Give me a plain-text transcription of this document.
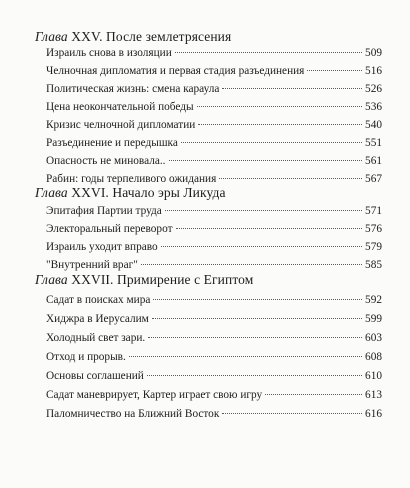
Глава XXV. После землетрясения
Израиль снова в изоляции	509
Челночная дипломатия и первая стадия разъединения	516
Политическая жизнь: смена караула	526
Цена неокончательной победы	536
Кризис челночной дипломатии	540
Разъединение и передышка	551
Опасность не миновала..	561
Рабин: годы терпеливого ожидания	567
Глава XXVI. Начало эры Ликуда
Эпитафия Партии труда	571
Электоральный переворот	576
Израиль уходит вправо	579
"Внутренний враг"	585
Глава XXVII. Примирение с Египтом
Садат в поисках мира	592
Хиджра в Иерусалим	599
Холодный свет зари.	603
Отход и прорыв.	608
Основы соглашений	610
Садат маневрирует, Картер играет свою игру	613
Паломничество на Ближний Восток	616
